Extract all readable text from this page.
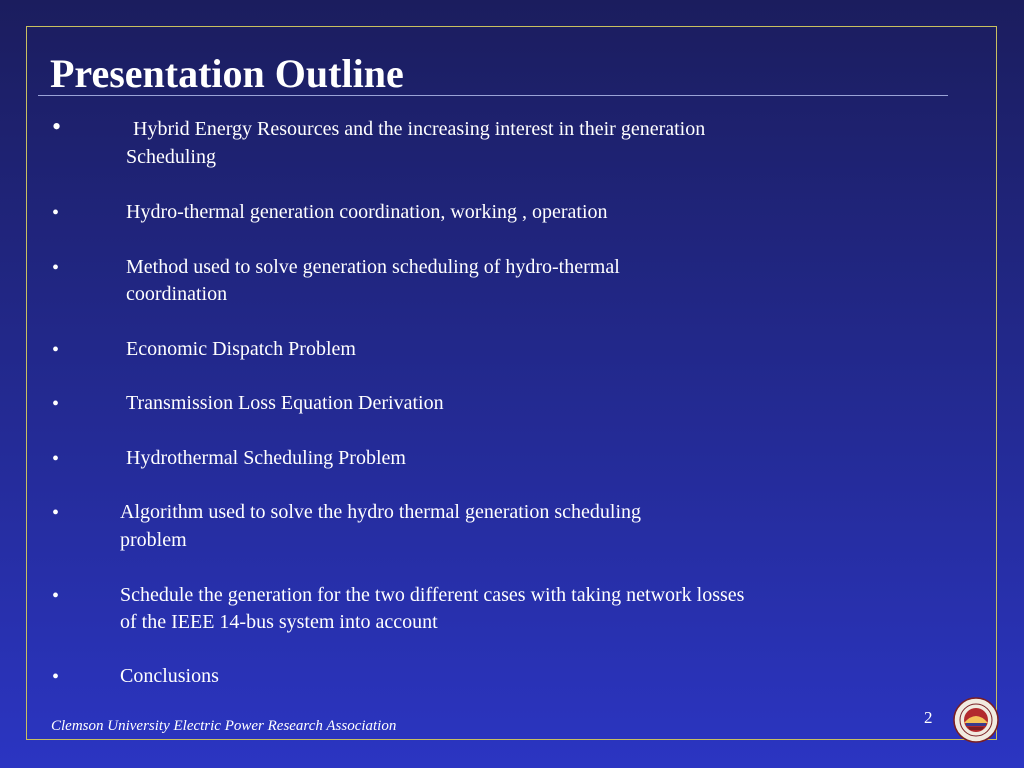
Presentation Outline
•	Hybrid Energy Resources and the increasing interest in their generation
Scheduling
•	Hydro-thermal generation coordination, working , operation
•	Method used to solve generation scheduling of hydro-thermal
coordination
•	Economic Dispatch Problem
•	Transmission Loss Equation Derivation
•	Hydrothermal Scheduling Problem
•	Algorithm used to solve the hydro thermal generation scheduling
problem
•	Schedule the generation for the two different cases with taking network losses
of the IEEE 14-bus system into account
•	Conclusions
Clemson University Electric Power Research Association	2
